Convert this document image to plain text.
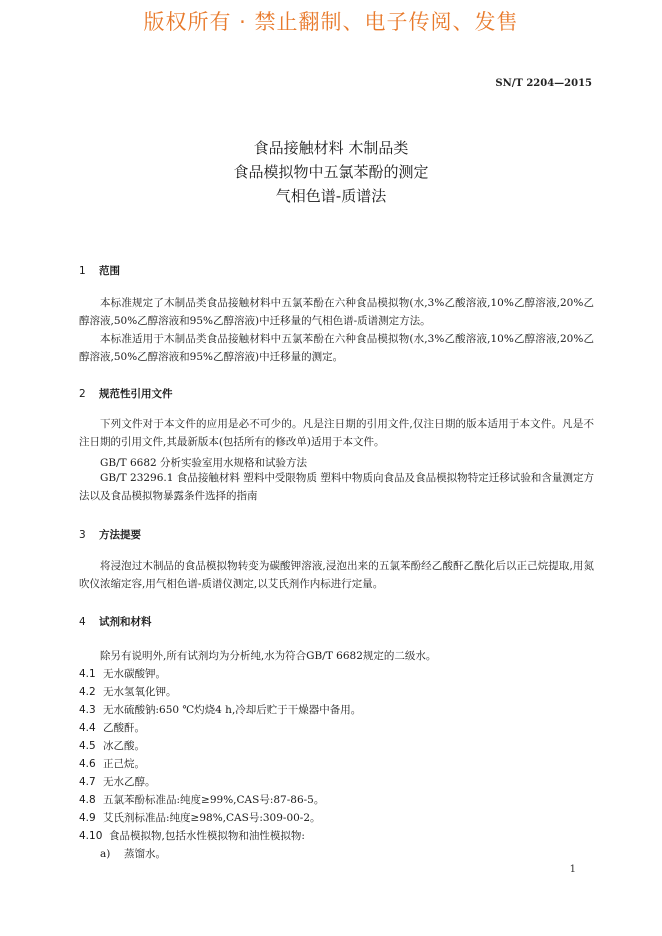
版权所有 · 禁止翻制、电子传阅、发售
SN/T 2204—2015
食品接触材料 木制品类
食品模拟物中五氯苯酚的测定
气相色谱-质谱法
1 范围
本标准规定了木制品类食品接触材料中五氯苯酚在六种食品模拟物(水,3%乙酸溶液,10%乙醇溶液,20%乙醇溶液,50%乙醇溶液和95%乙醇溶液)中迁移量的气相色谱-质谱测定方法。
本标准适用于木制品类食品接触材料中五氯苯酚在六种食品模拟物(水,3%乙酸溶液,10%乙醇溶液,20%乙醇溶液,50%乙醇溶液和95%乙醇溶液)中迁移量的测定。
2 规范性引用文件
下列文件对于本文件的应用是必不可少的。凡是注日期的引用文件,仅注日期的版本适用于本文件。凡是不注日期的引用文件,其最新版本(包括所有的修改单)适用于本文件。
GB/T 6682 分析实验室用水规格和试验方法
GB/T 23296.1 食品接触材料 塑料中受限物质 塑料中物质向食品及食品模拟物特定迁移试验和含量测定方法以及食品模拟物暴露条件选择的指南
3 方法提要
将浸泡过木制品的食品模拟物转变为碳酸钾溶液,浸泡出来的五氯苯酚经乙酸酐乙酰化后以正己烷提取,用氮吹仪浓缩定容,用气相色谱-质谱仪测定,以艾氏剂作内标进行定量。
4 试剂和材料
除另有说明外,所有试剂均为分析纯,水为符合GB/T 6682规定的二级水。
4.1 无水碳酸钾。
4.2 无水氢氧化钾。
4.3 无水硫酸钠:650 ℃灼烧4 h,冷却后贮于干燥器中备用。
4.4 乙酸酐。
4.5 冰乙酸。
4.6 正己烷。
4.7 无水乙醇。
4.8 五氯苯酚标准品:纯度≥99%,CAS号:87-86-5。
4.9 艾氏剂标准品:纯度≥98%,CAS号:309-00-2。
4.10 食品模拟物,包括水性模拟物和油性模拟物:
a) 蒸馏水。
1
